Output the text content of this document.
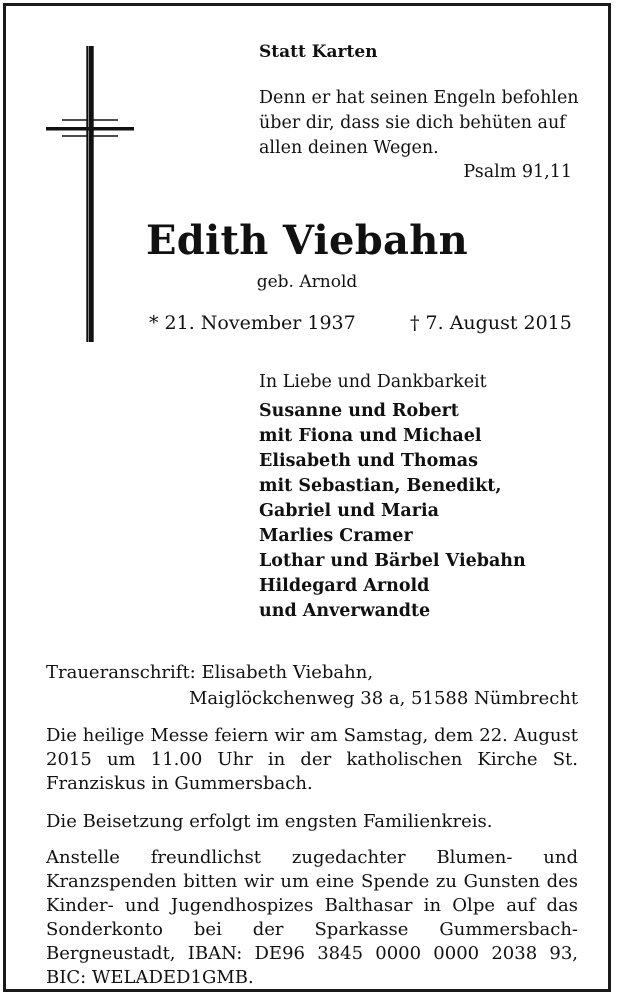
Statt Karten
Denn er hat seinen Engeln befohlen
über dir, dass sie dich behüten auf
allen deinen Wegen.
Psalm 91,11
Edith Viebahn
geb. Arnold
* 21. November 1937	† 7. August 2015
In Liebe und Dankbarkeit
Susanne und Robert
mit Fiona und Michael
Elisabeth und Thomas
mit Sebastian, Benedikt,
Gabriel und Maria
Marlies Cramer
Lothar und Bärbel Viebahn
Hildegard Arnold
und Anverwandte
Traueranschrift: Elisabeth Viebahn,
Maiglöckchenweg 38 a, 51588 Nümbrecht
Die heilige Messe feiern wir am Samstag, dem 22. August 2015 um 11.00 Uhr in der katholischen Kirche St. Franziskus in Gummersbach.
Die Beisetzung erfolgt im engsten Familienkreis.
Anstelle freundlichst zugedachter Blumen- und Kranzspenden bitten wir um eine Spende zu Gunsten des Kinder- und Jugendhospizes Balthasar in Olpe auf das Sonderkonto bei der Sparkasse Gummersbach-Bergneustadt, IBAN: DE96 3845 0000 0000 2038 93, BIC: WELADED1GMB.
